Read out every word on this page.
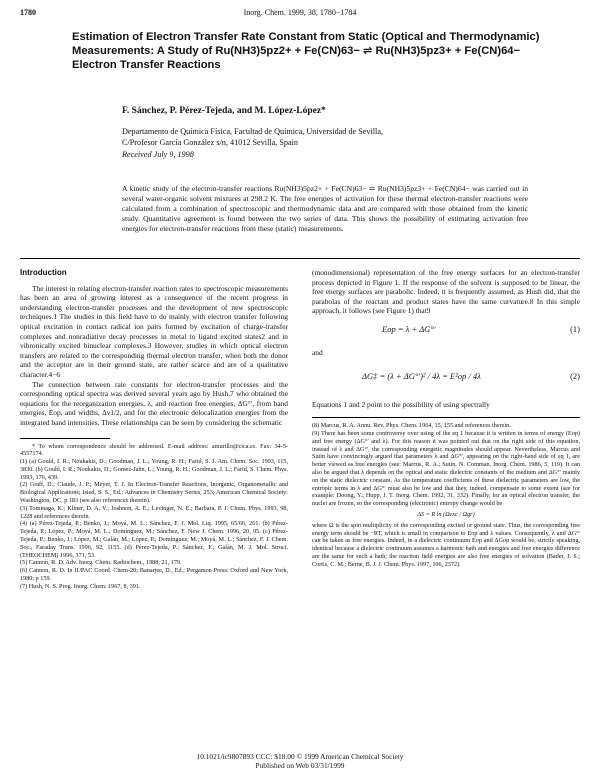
1780	Inorg. Chem. 1999, 38, 1780−1784
Estimation of Electron Transfer Rate Constant from Static (Optical and Thermodynamic) Measurements: A Study of Ru(NH3)5pz2+ + Fe(CN)63− ⇌ Ru(NH3)5pz3+ + Fe(CN)64− Electron Transfer Reactions
F. Sánchez, P. Pérez-Tejeda, and M. López-López*
Departamento de Química Física, Facultad de Química, Universidad de Sevilla,
C/Profesor García González s/n, 41012 Sevilla, Spain
Received July 9, 1998
A kinetic study of the electron-transfer reactions Ru(NH3)5pz2+ + Fe(CN)63− ⇌ Ru(NH3)5pz3+ + Fe(CN)64− was carried out in several water-organic solvent mixtures at 298.2 K. The free energies of activation for these thermal electron-transfer reactions were calculated from a combination of spectroscopic and thermodynamic data and are compared with those obtained from the kinetic study. Quantitative agreement is found between the two series of data. This shows the possibility of estimating activation free energies for electron-transfer reactions from these (static) measurements.
Introduction

The interest in relating electron-transfer reaction rates to spectroscopic measurements has been an area of growing interest as a consequence of the recent progress in understanding electron-transfer processes and the development of new spectroscopic techniques.1 The studies in this field have to do mainly with electron transfer following optical excitation in contact radical ion pairs formed by excitation of charge-transfer complexes and nonradiative decay processes in metal to ligand excited states2 and in vibronically excited binuclear complexes.3 However, studies in which optical electron transfers are related to the corresponding thermal electron transfer, when both the donor and the acceptor are in their ground state, are rather scarce and are of a qualitative character.4−6

The connection between rate constants for electron-transfer processes and the corresponding optical spectra was derived several years ago by Hush,7 who obtained the equations for the reorganization energies, λ, and reaction free energies, ΔG°′, from band energies, Eop, and widths, Δν1/2, and for the electronic delocalization energies from the integrated band intensities. These relationships can be seen by considering the schematic

* To whom correspondence should be addressed. E-mail address: amurillo@cica.es. Fax: 34-5-4557174.

(1) (a) Gould, I. R.; Noukakis, D.; Goodman, J. L.; Young, R. H.; Farid, S. J. Am. Chem. Soc. 1993, 115, 3830. (b) Gould, I. R.; Noukakis, D.; Gomez-Jahn, L.; Young, R. H.; Goodman, J. L.; Farid, S. Chem. Phys. 1993, 176, 439.
(2) Graff, D.; Claude, J. P.; Meyer, T. J. In Electron-Transfer Reactions, Inorganic, Organometallic and Biological Applications; Isied, S. S., Ed.; Advances in Chemistry Series, 253; American Chemical Society: Washington, DC, p 183 (see also references therein).
(3) Tominaga, K.; Kliner, D. A. V.; Joshnon, A. E.; Levinger, N. E.; Barbara, P. J. Chem. Phys. 1993, 98, 1228 and references therein.
(4) (a) Pérez-Tejeda, P.; Benko, J.; Moyá, M. L.; Sánchez, F. J. Mol. Liq. 1995, 65/66, 261. (b) Pérez-Tejeda, P.; López, P.; Moyá, M. L.; Domínguez, M.; Sánchez, F. New J. Chem. 1996, 20, 95. (c) Pérez-Tejeda, P.; Benko, J.; López, M.; Galán, M.; López, P.; Domínguez, M.; Moyá, M. L.; Sánchez, F. J. Chem. Soc., Faraday Trans. 1996, 92, 1155. (d) Pérez-Tejeda, P.; Sánchez, F.; Galán, M. J. Mol. Struct. (THEOCHEM) 1996, 371, 53.
(5) Cannon, R. D. Adv. Inorg. Chem. Radiochem., 1988, 21, 179.
(6) Cannon, R. D. In IUPAC Coord. Chem-20; Banarjee, D., Ed.; Pergamon Press: Oxford and New York, 1980; p 159.
(7) Hush, N. S. Prog. Inorg. Chem. 1967, 8, 391.

(monodimensional) representation of the free energy surfaces for an electron-transfer process depicted in Figure 1. If the response of the solvent is supposed to be linear, the free energy surfaces are parabolic. Indeed, it is frequently assumed, as Hush did, that the parabolas of the reactant and product states have the same curvature.8 In this simple approach, it follows (see Figure 1) that9

Eop = λ + ΔG°′	(1)
and
ΔG‡ = (λ + ΔG°′)² / 4λ = E²op / 4λ	(2)

Equations 1 and 2 point to the possibility of using spectrally

(8) Marcus, R. A. Annu. Rev. Phys. Chem. 1964, 15, 155 and references therein.
(9) There has been some controversy over using of the eq 1 because it is written in terms of energy (Eop) and free energy (ΔG°′ and λ). For this reason it was pointed out that on the right side of this equation, instead of λ and ΔG°′, the corresponding energetic magnitudes should appear. Nevertheless, Marcus and Sutin have convincingly argued that parameters λ and ΔG°′, appearing on the right-hand side of eq 1, are better viewed as free energies (see: Marcus, R. A.; Sutin, N. Comman. Inorg. Chem. 1986, 5, 119). It can also be argued that λ depends on the optical and static dielectric constants of the medium and ΔG°′ mainly on the static dielectric constant. As the temperature coefficients of these dielectric parameters are low, the entropic terms in λ and ΔG°′ must also be low and that they, indeed, compensate to some extent (see for example: Doong, Y.; Hupp, J. T. Inorg. Chem. 1992, 31, 332). Finally, for an optical electron transfer, the nuclei are frozen, so the corresponding (electronic) entropy change would be
ΔS = R ln (Ωexc / Ωgr)
where Ω is the spin multiplicity of the corresponding excited or ground state. Thus, the corresponding free energy term should be −RT, which is small in comparison to Eop and λ values. Consequently, λ and ΔG°′ can be taken as free energies. Indeed, in a dielectric continuum Eop and ΔGop would be, strictly speaking, identical because a dielectric continuum assumes a harmonic bath and energies and free energies difference are the same for such a bath; the reaction field energies are also free energies of solvation (Bader, J. S.; Cortis, C. M.; Berne, B. J. J. Chem. Phys. 1997, 106, 2372).
10.1021/ic9807893 CCC: $18.00 © 1999 American Chemical Society
Published on Web 03/31/1999
